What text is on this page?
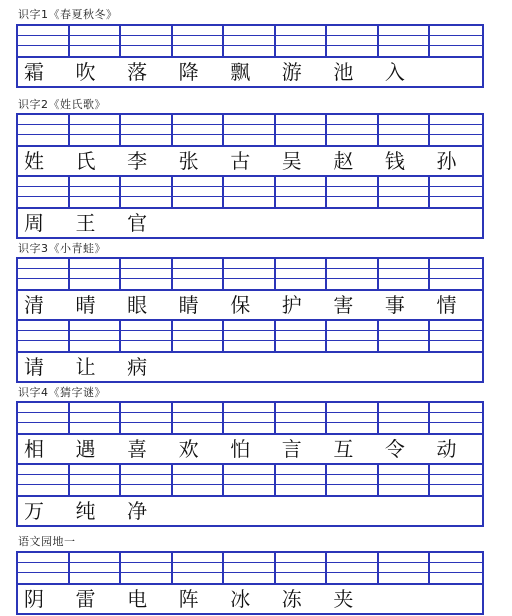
识字1《春夏秋冬》
霜	吹	落	降	飘	游	池	入
识字2《姓氏歌》
姓	氏	李	张	古	吴	赵	钱	孙
周	王	官
识字3《小青蛙》
清	晴	眼	睛	保	护	害	事	情
请	让	病
识字4《猜字谜》
相	遇	喜	欢	怕	言	互	令	动
万	纯	净
语文园地一
阴	雷	电	阵	冰	冻	夹
